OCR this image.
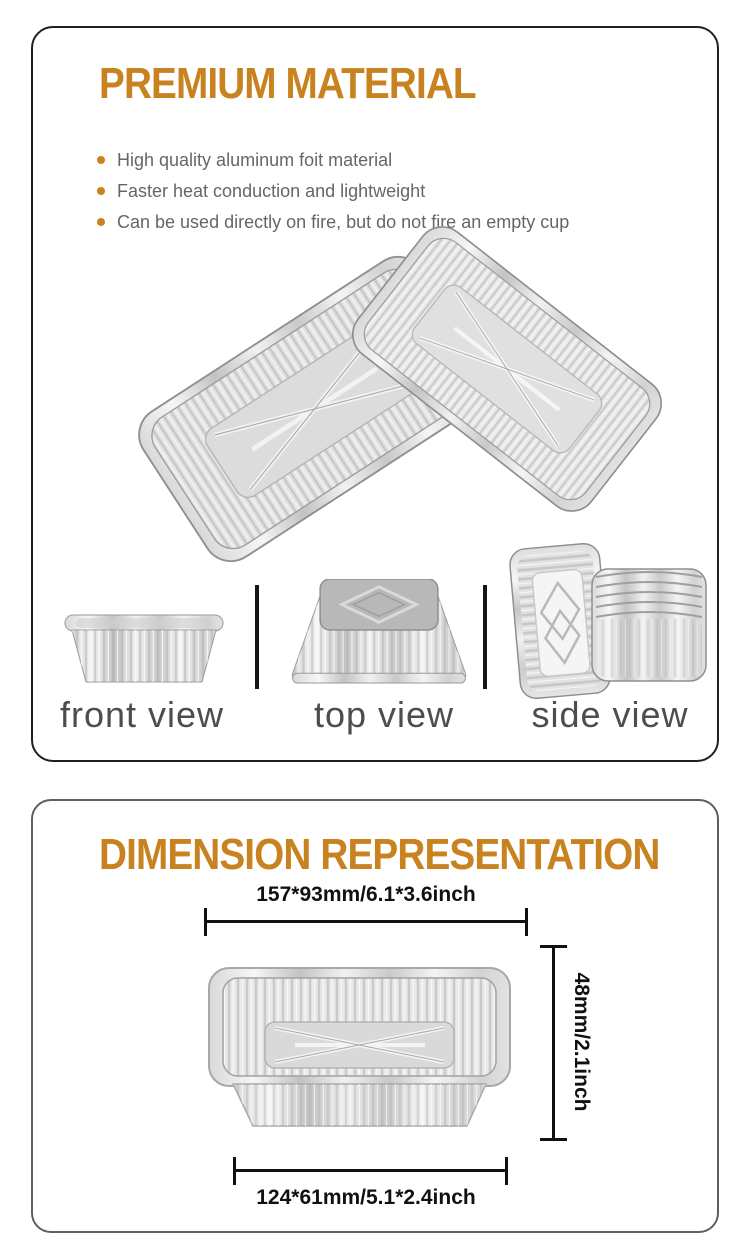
PREMIUM MATERIAL
High quality aluminum foit material
Faster heat conduction and lightweight
Can be used directly on fire, but do not fire an empty cup
front view	top view	side view
DIMENSION REPRESENTATION
157*93mm/6.1*3.6inch
48mm/2.1inch
124*61mm/5.1*2.4inch
